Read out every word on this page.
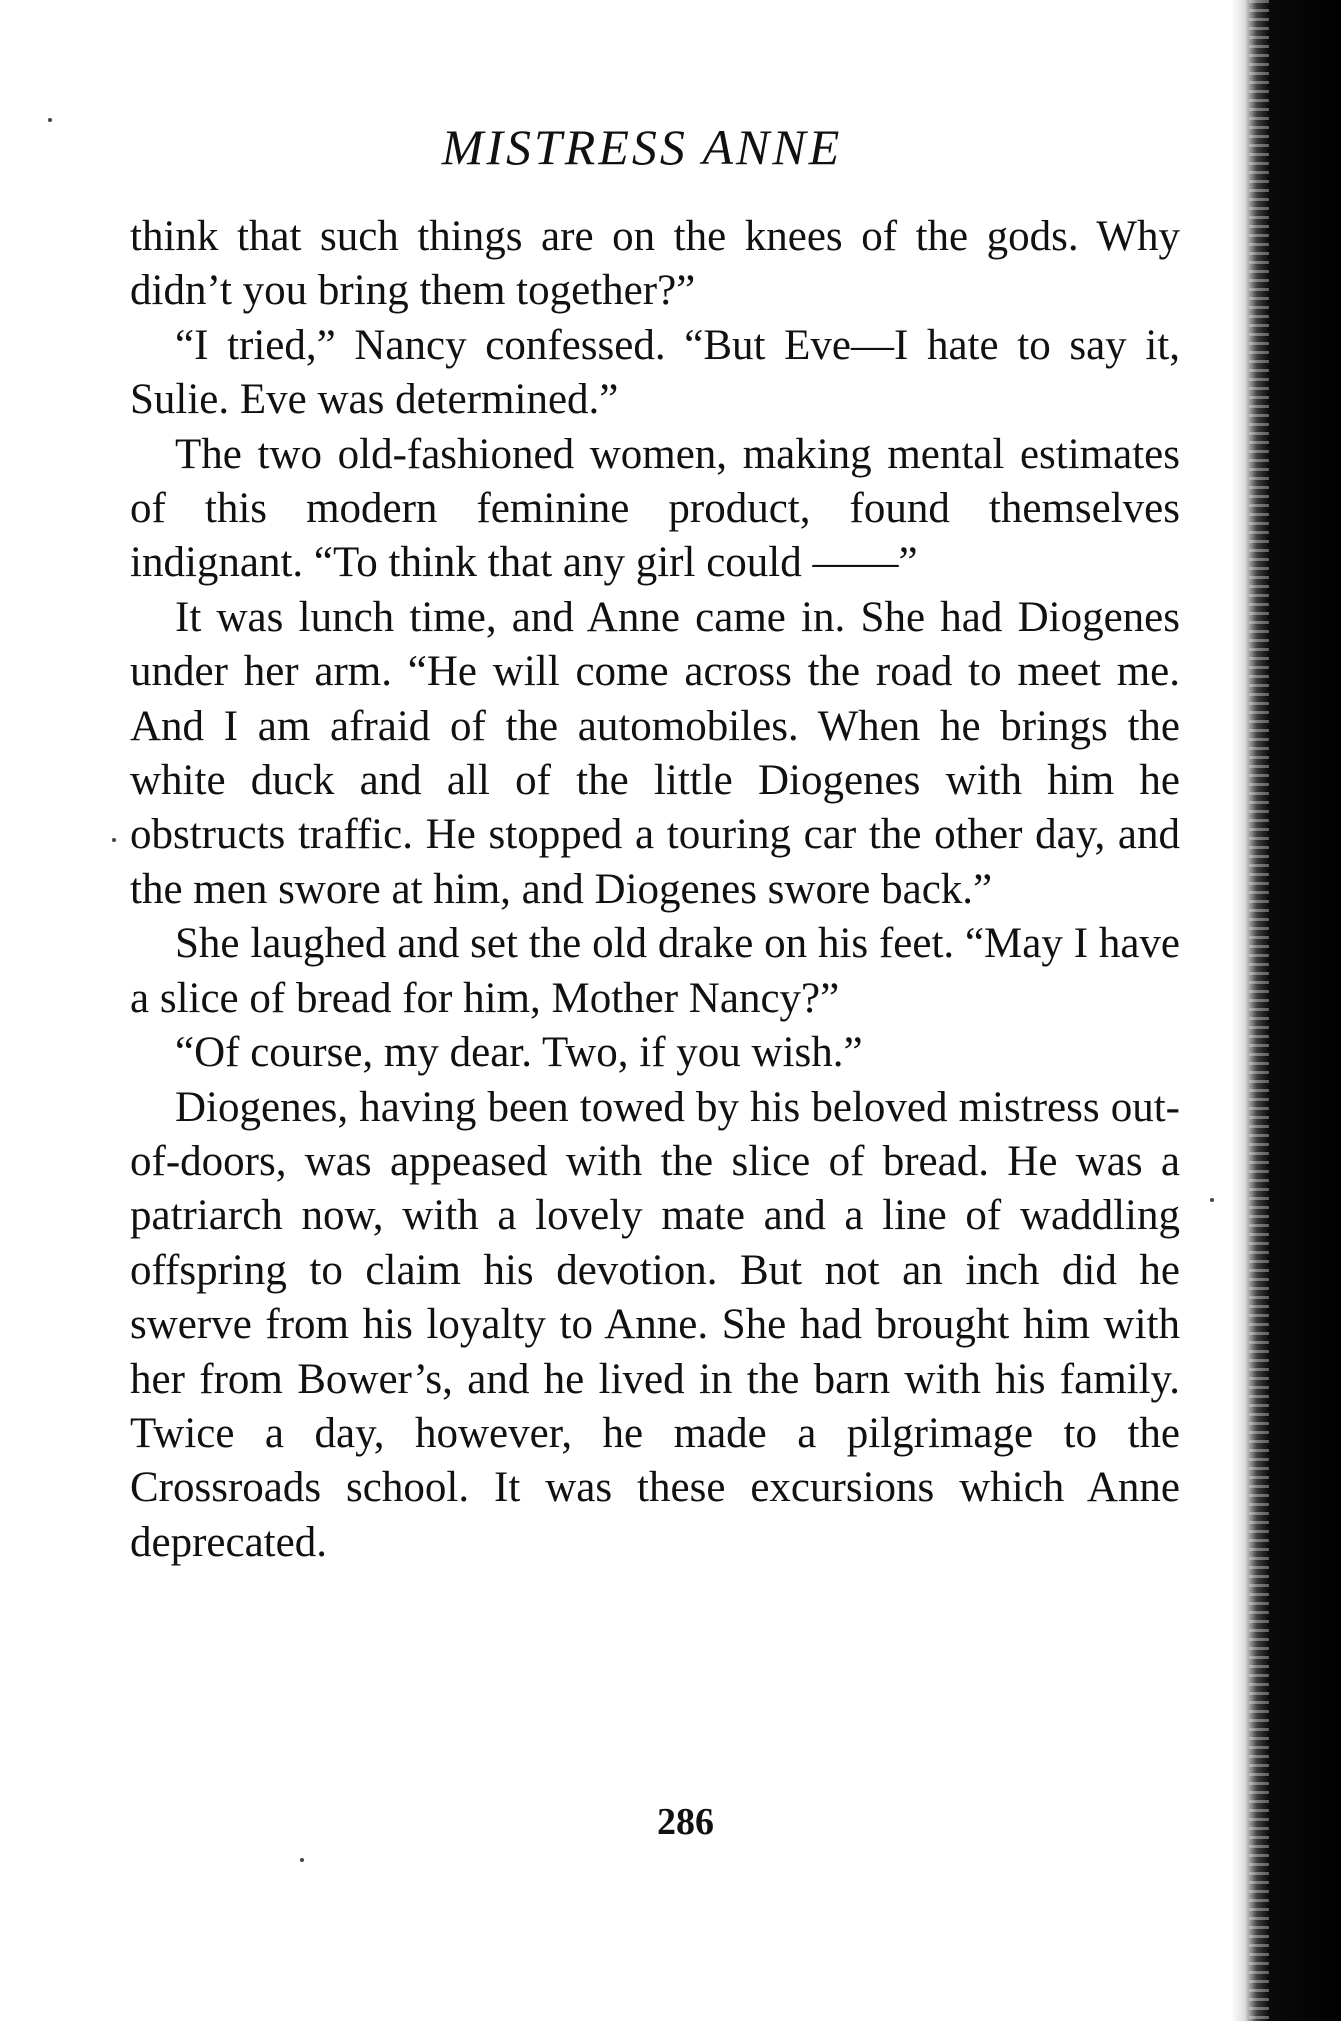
MISTRESS ANNE

think that such things are on the knees of the gods. Why didn’t you bring them together?”

“I tried,” Nancy confessed. “But Eve—I hate to say it, Sulie. Eve was determined.”

The two old-fashioned women, making mental estimates of this modern feminine product, found themselves indignant. “To think that any girl could ——”

It was lunch time, and Anne came in. She had Diogenes under her arm. “He will come across the road to meet me. And I am afraid of the automobiles. When he brings the white duck and all of the little Diogenes with him he obstructs traffic. He stopped a touring car the other day, and the men swore at him, and Diogenes swore back.”

She laughed and set the old drake on his feet. “May I have a slice of bread for him, Mother Nancy?”

“Of course, my dear. Two, if you wish.”

Diogenes, having been towed by his beloved mistress out-of-doors, was appeased with the slice of bread. He was a patriarch now, with a lovely mate and a line of waddling offspring to claim his devotion. But not an inch did he swerve from his loyalty to Anne. She had brought him with her from Bower’s, and he lived in the barn with his family. Twice a day, however, he made a pilgrimage to the Crossroads school. It was these excursions which Anne deprecated.

286
